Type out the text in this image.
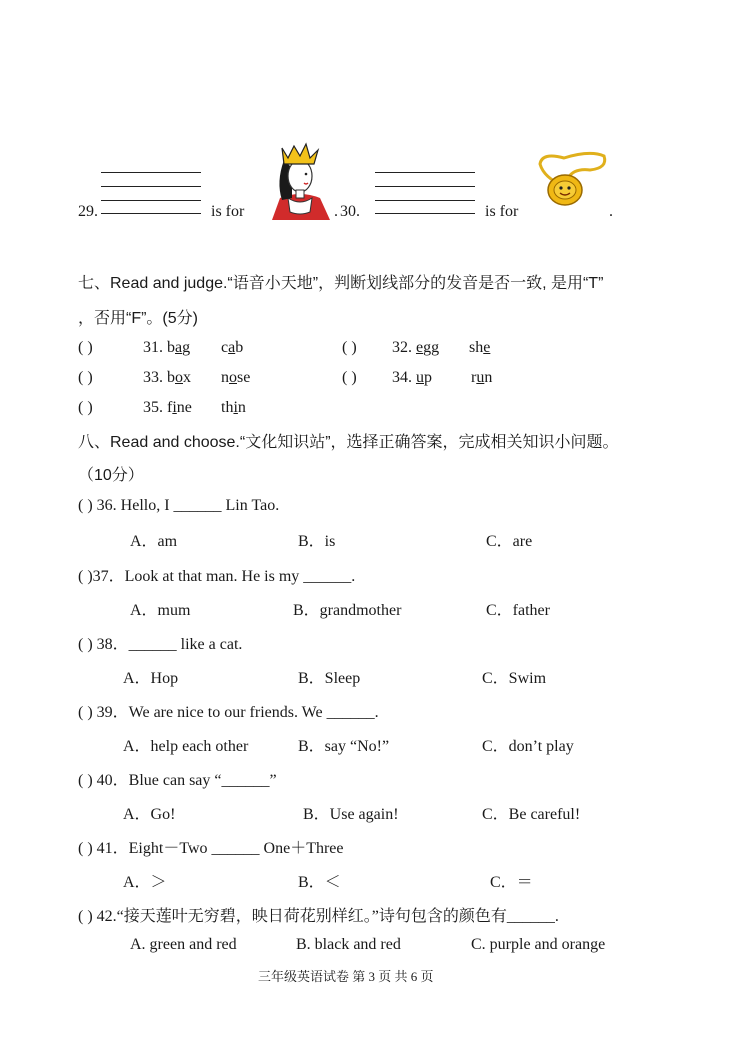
29.	is for	. 30.	is for	.
七、Read and judge.“语音小天地”，判断划线部分的发音是否一致, 是用“T”
，否用“F”。(5分)
( )	31. bag cab	( ) 32. egg she
( )	33. box nose	( ) 34. up run
( )	35. fine thin
八、Read and choose.“文化知识站”，选择正确答案，完成相关知识小问题。
（10分）
( ) 36. Hello, I ______ Lin Tao.
A．am	B．is	C．are
( )37．Look at that man. He is my ______.
A．mum	B．grandmother	C．father
( ) 38．______ like a cat.
A．Hop	B．Sleep	C．Swim
( ) 39．We are nice to our friends. We ______.
A．help each other	B．say “No!”	C．don’t play
( ) 40．Blue can say “______”
A．Go!	B．Use again!	C．Be careful!
( ) 41．Eight－Two ______ One＋Three
A．＞	B．＜	C．＝
( ) 42.“接天莲叶无穷碧，映日荷花别样红。”诗句包含的颜色有______.
A. green and red	B. black and red	C. purple and orange
三年级英语试卷 第 3 页 共 6 页
